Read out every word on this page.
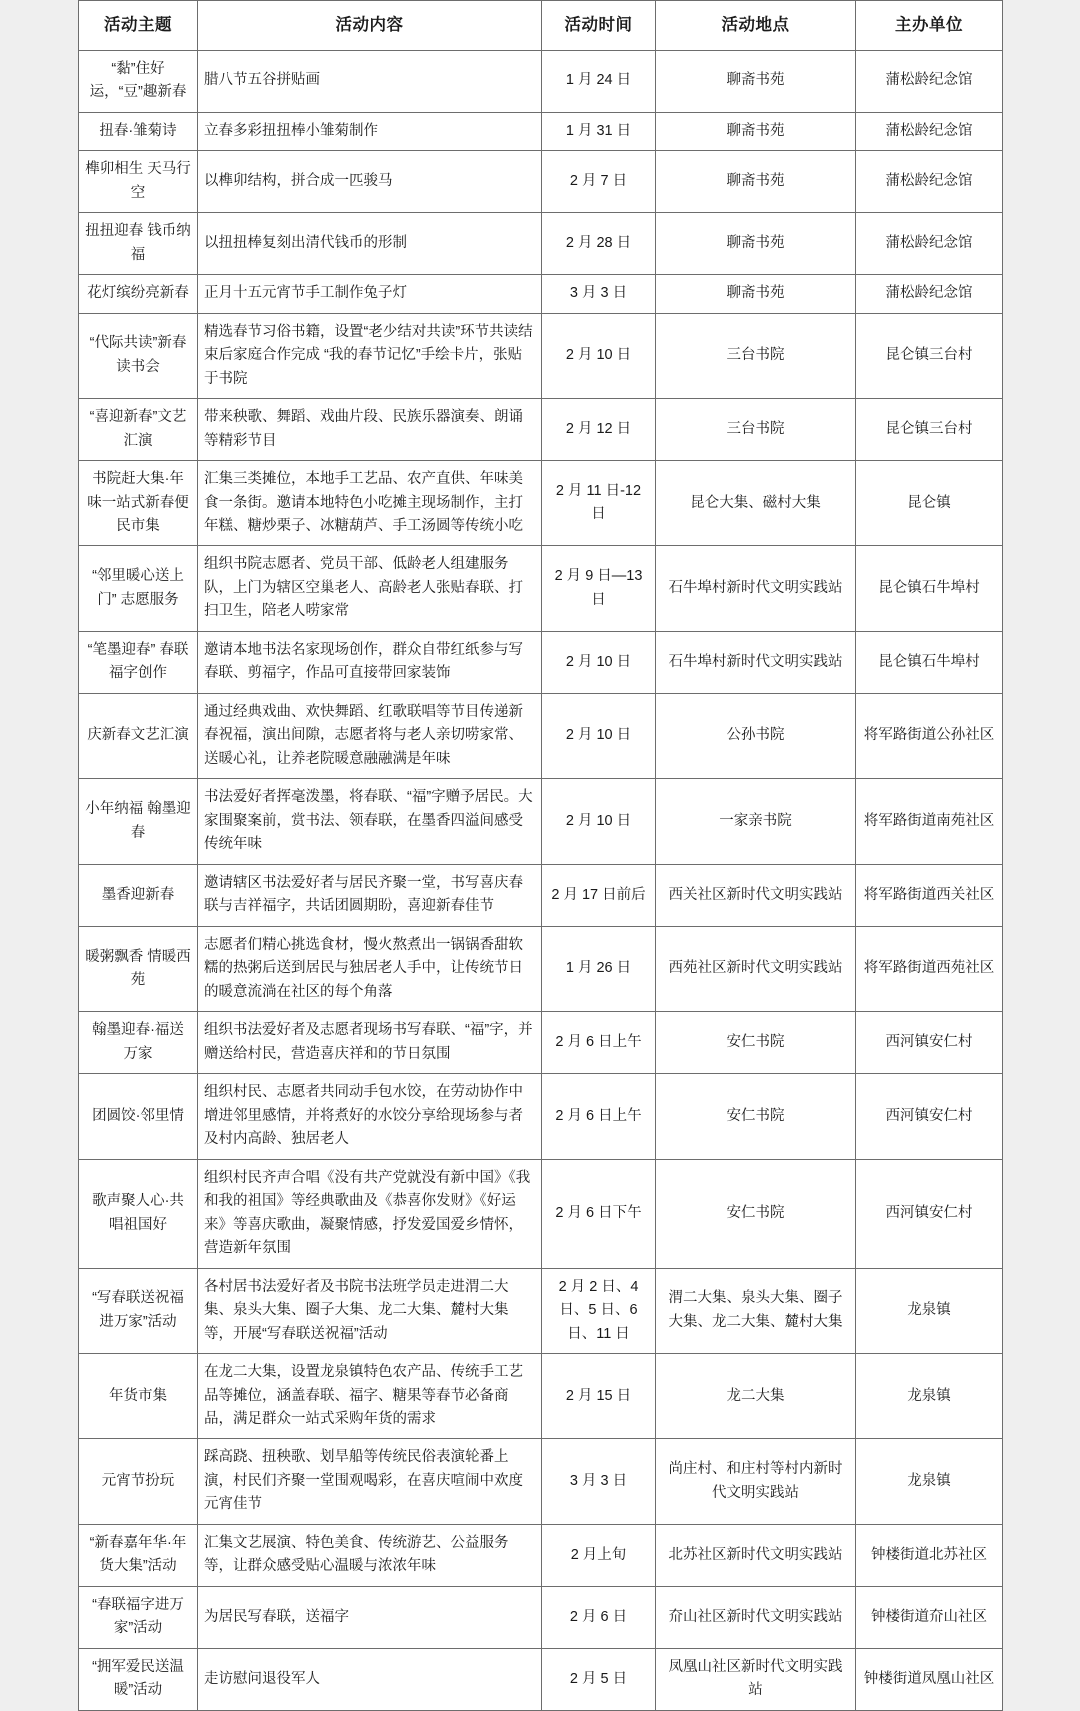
活动主题	活动内容	活动时间	活动地点	主办单位
“黏”住好运，“豆”趣新春	腊八节五谷拼贴画	1 月 24 日	聊斋书苑	蒲松龄纪念馆
扭春·雏菊诗	立春多彩扭扭棒小雏菊制作	1 月 31 日	聊斋书苑	蒲松龄纪念馆
榫卯相生 天马行空	以榫卯结构，拼合成一匹骏马	2 月 7 日	聊斋书苑	蒲松龄纪念馆
扭扭迎春 钱币纳福	以扭扭棒复刻出清代钱币的形制	2 月 28 日	聊斋书苑	蒲松龄纪念馆
花灯缤纷亮新春	正月十五元宵节手工制作兔子灯	3 月 3 日	聊斋书苑	蒲松龄纪念馆
“代际共读”新春读书会	精选春节习俗书籍，设置“老少结对共读”环节共读结束后家庭合作完成 “我的春节记忆”手绘卡片，张贴于书院	2 月 10 日	三台书院	昆仑镇三台村
“喜迎新春”文艺汇演	带来秧歌、舞蹈、戏曲片段、民族乐器演奏、朗诵等精彩节目	2 月 12 日	三台书院	昆仑镇三台村
书院赶大集·年味一站式新春便民市集	汇集三类摊位，本地手工艺品、农产直供、年味美食一条街。邀请本地特色小吃摊主现场制作，主打年糕、糖炒栗子、冰糖葫芦、手工汤圆等传统小吃	2 月 11 日-12 日	昆仑大集、磁村大集	昆仑镇
“邻里暖心送上门” 志愿服务	组织书院志愿者、党员干部、低龄老人组建服务队，上门为辖区空巢老人、高龄老人张贴春联、打扫卫生，陪老人唠家常	2 月 9 日—13 日	石牛埠村新时代文明实践站	昆仑镇石牛埠村
“笔墨迎春” 春联福字创作	邀请本地书法名家现场创作，群众自带红纸参与写春联、剪福字，作品可直接带回家装饰	2 月 10 日	石牛埠村新时代文明实践站	昆仑镇石牛埠村
庆新春文艺汇演	通过经典戏曲、欢快舞蹈、红歌联唱等节目传递新春祝福，演出间隙，志愿者将与老人亲切唠家常、送暖心礼，让养老院暖意融融满是年味	2 月 10 日	公孙书院	将军路街道公孙社区
小年纳福 翰墨迎春	书法爱好者挥毫泼墨，将春联、“福”字赠予居民。大家围聚案前，赏书法、领春联，在墨香四溢间感受传统年味	2 月 10 日	一家亲书院	将军路街道南苑社区
墨香迎新春	邀请辖区书法爱好者与居民齐聚一堂，书写喜庆春联与吉祥福字，共话团圆期盼，喜迎新春佳节	2 月 17 日前后	西关社区新时代文明实践站	将军路街道西关社区
暖粥飘香 情暖西苑	志愿者们精心挑选食材，慢火熬煮出一锅锅香甜软糯的热粥后送到居民与独居老人手中，让传统节日的暖意流淌在社区的每个角落	1 月 26 日	西苑社区新时代文明实践站	将军路街道西苑社区
翰墨迎春·福送万家	组织书法爱好者及志愿者现场书写春联、“福”字，并赠送给村民，营造喜庆祥和的节日氛围	2 月 6 日上午	安仁书院	西河镇安仁村
团圆饺·邻里情	组织村民、志愿者共同动手包水饺，在劳动协作中增进邻里感情，并将煮好的水饺分享给现场参与者及村内高龄、独居老人	2 月 6 日上午	安仁书院	西河镇安仁村
歌声聚人心·共唱祖国好	组织村民齐声合唱《没有共产党就没有新中国》《我和我的祖国》等经典歌曲及《恭喜你发财》《好运来》等喜庆歌曲，凝聚情感，抒发爱国爱乡情怀，营造新年氛围	2 月 6 日下午	安仁书院	西河镇安仁村
“写春联送祝福进万家”活动	各村居书法爱好者及书院书法班学员走进渭二大集、泉头大集、圈子大集、龙二大集、麓村大集等，开展“写春联送祝福”活动	2 月 2 日、4 日、5 日、6 日、11 日	渭二大集、泉头大集、圈子大集、龙二大集、麓村大集	龙泉镇
年货市集	在龙二大集，设置龙泉镇特色农产品、传统手工艺品等摊位，涵盖春联、福字、糖果等春节必备商品，满足群众一站式采购年货的需求	2 月 15 日	龙二大集	龙泉镇
元宵节扮玩	踩高跷、扭秧歌、划旱船等传统民俗表演轮番上演，村民们齐聚一堂围观喝彩，在喜庆喧闹中欢度元宵佳节	3 月 3 日	尚庄村、和庄村等村内新时代文明实践站	龙泉镇
“新春嘉年华·年货大集”活动	汇集文艺展演、特色美食、传统游艺、公益服务等，让群众感受贴心温暖与浓浓年味	2 月上旬	北苏社区新时代文明实践站	钟楼街道北苏社区
“春联福字进万家”活动	为居民写春联，送福字	2 月 6 日	夼山社区新时代文明实践站	钟楼街道夼山社区
“拥军爱民送温暖”活动	走访慰问退役军人	2 月 5 日	凤凰山社区新时代文明实践站	钟楼街道凤凰山社区
